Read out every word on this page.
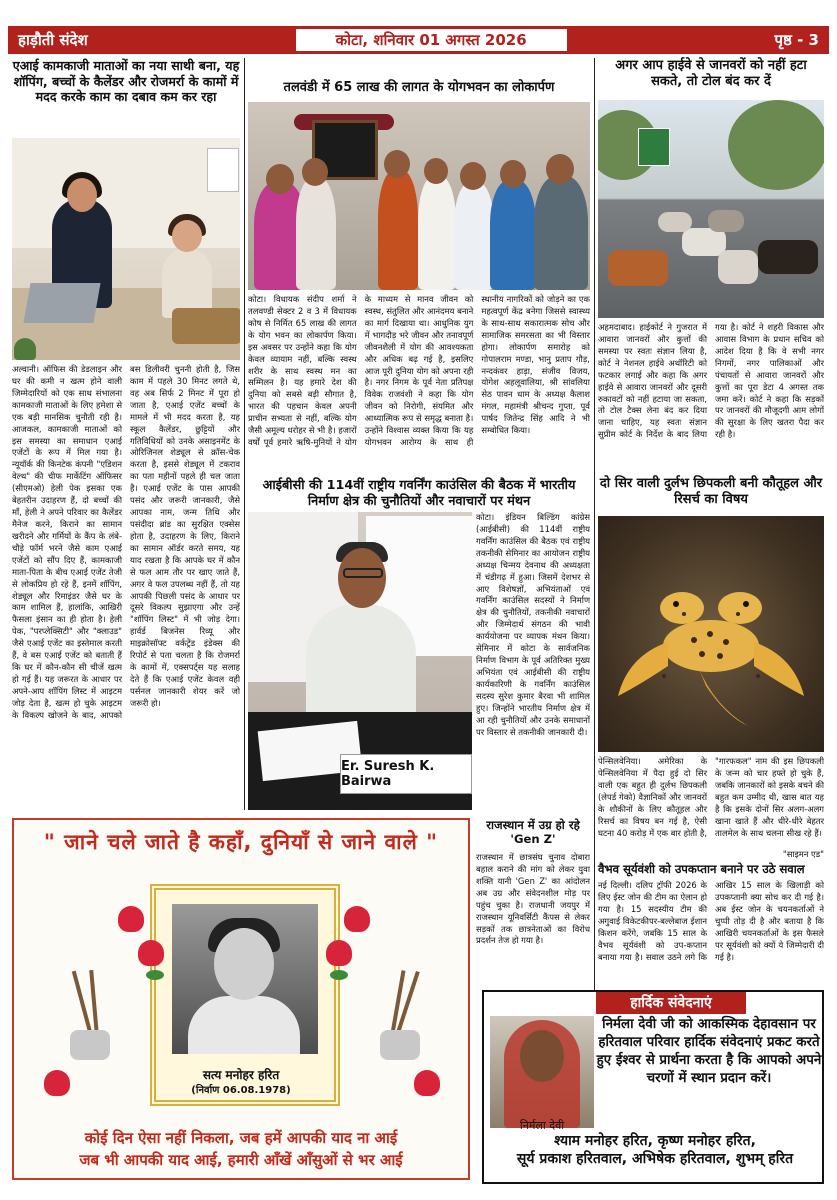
हाड़ौती संदेश	कोटा, शनिवार 01 अगस्त 2026	पृष्ठ - 3
एआई कामकाजी माताओं का नया साथी बना, यह शॉपिंग, बच्चों के कैलेंडर और रोजमर्रा के कामों में मदद करके काम का दबाव कम कर रहा
अल्वानी। ऑफिस की डेडलाइन और घर की कमी न खत्म होने वाली जिम्मेदारियों को एक साथ संभालना कामकाजी माताओं के लिए हमेशा से एक बड़ी मानसिक चुनौती रही है। आजकल, कामकाजी माताओं को इस समस्या का समाधान एआई एजेंटों के रूप में मिल गया है। न्यूयॉर्क की किनटेक कंपनी "एडिशन वेल्थ" की चीफ मार्केटिंग ऑफिसर (सीएमओ) हेली पेक इसका एक बेहतरीन उदाहरण हैं, दो बच्चों की माँ, हेली ने अपने परिवार का कैलेंडर मैनेज करने, किराने का सामान खरीदने और गर्मियों के कैंप के लंबे-चौड़े फॉर्म भरने जैसे काम एआई एजेंटों को सौंप दिए हैं, कामकाजी माता-पिता के बीच एआई एजेंट तेजी से लोकप्रिय हो रहे हैं, इनमें शॉपिंग, शेड्यूल और रिमाइंडर जैसे घर के काम शामिल हैं, हालांकि, आखिरी फैसला इंसान का ही होता है। हेली पेक, "परप्लेक्सिटी" और "क्लाउड" जैसे एआई एजेंट का इस्तेमाल करती हैं, वे बस एआई एजेंट को बताती हैं कि घर में कौन-कौन सी चीजें खत्म हो गई हैं। यह जरूरत के आधार पर अपने-आप शॉपिंग लिस्ट में आइटम जोड़ देता है, खत्म हो चुके आइटम के विकल्प खोजने के बाद, आपको बस डिलीवरी चुननी होती है, जिस काम में पहले 30 मिनट लगते थे, वह अब सिर्फ 2 मिनट में पूरा हो जाता है, एआई एजेंट बच्चों के मामले में भी मदद करता है, यह स्कूल कैलेंडर, छुट्टियों और गतिविधियों को उनके असाइनमेंट के ओरिजिनल शेड्यूल से क्रॉस-चेक करता है, इससे शेड्यूल में टकराव का पता महीनों पहले ही चल जाता है। एआई एजेंट के पास आपकी पसंद और जरूरी जानकारी, जैसे आपका नाम, जन्म तिथि और पसंदीदा ब्रांड का सुरक्षित एक्सेस होता है, उदाहरण के लिए, किराने का सामान ऑर्डर करते समय, यह याद रखता है कि आपके घर में कौन से फल आम तौर पर खाए जाते हैं, अगर वे फल उपलब्ध नहीं हैं, तो यह आपकी पिछली पसंद के आधार पर दूसरे विकल्प सुझाएगा और उन्हें "शॉपिंग लिस्ट" में भी जोड़ देगा। हार्वर्ड बिजनेस रिव्यू और माइक्रोसॉफ्ट वर्कट्रेंड इंडेक्स की रिपोर्ट से पता चलता है कि रोजमर्रा के कामों में, एक्सपर्ट्स यह सलाह देते हैं कि एआई एजेंट केवल वही पर्सनल जानकारी शेयर करें जो जरूरी हो।
तलवंडी में 65 लाख की लागत के योगभवन का लोकार्पण
कोटा। विधायक संदीप शर्मा ने तलवण्डी सेक्टर 2 व 3 में विधायक कोष से निर्मित 65 लाख की लागत के योग भवन का लोकार्पण किया। इस अवसर पर उन्होंने कहा कि योग केवल व्यायाम नहीं, बल्कि स्वस्थ शरीर के साथ स्वस्थ मन का सम्मिलन है। यह हमारे देश की दुनिया को सबसे बड़ी सौगात है, भारत की पहचान केवल अपनी प्राचीन सभ्यता से नहीं, बल्कि योग जैसी अमूल्य धरोहर से भी है। हजारों वर्षों पूर्व हमारे ऋषि-मुनियों ने योग के माध्यम से मानव जीवन को स्वस्थ, संतुलित और आनंदमय बनाने का मार्ग दिखाया था। आधुनिक युग में भागदौड़ भरे जीवन और तनावपूर्ण जीवनशैली में योग की आवश्यकता और अधिक बढ़ गई है, इसलिए आज पूरी दुनिया योग को अपना रही है। नगर निगम के पूर्व नेता प्रतिपक्ष विवेक राजवंशी ने कहा कि योग जीवन को निरोगी, संयमित और आध्यात्मिक रूप से समृद्ध बनाता है। उन्होंने विश्वास व्यक्त किया कि यह योगभवन आरोग्य के साथ ही स्थानीय नागरिकों को जोड़ने का एक महत्वपूर्ण केंद्र बनेगा जिससे स्वास्थ्य के साथ-साथ सकारात्मक सोच और सामाजिक समरसता का भी विस्तार होगा। लोकार्पण समारोह को गोपालराम मण्डा, भानु प्रताप गौड़, नन्दकंवर हाड़ा, संजीव विजय, योगेश अहलूवालिया, श्री सांवलिया सेठ पावन धाम के अध्यक्ष कैलाश मंगल, महामंत्री श्रीचन्द गुप्ता, पूर्व पार्षद जितेन्द्र सिंह आदि ने भी सम्बोधित किया।
अगर आप हाईवे से जानवरों को नहीं हटा सकते, तो टोल बंद कर दें
अहमदाबाद। हाईकोर्ट ने गुजरात में आवारा जानवरों और कुत्तों की समस्या पर स्वतः संज्ञान लिया है, कोर्ट ने नेशनल हाईवे अथॉरिटी को फटकार लगाई और कहा कि अगर हाईवे से आवारा जानवरों और दूसरी रुकावटों को नहीं हटाया जा सकता, तो टोल टैक्स लेना बंद कर दिया जाना चाहिए, यह स्वतः संज्ञान सुप्रीम कोर्ट के निर्देश के बाद लिया गया है। कोर्ट ने शहरी विकास और आवास विभाग के प्रधान सचिव को आदेश दिया है कि वे सभी नगर निगमों, नगर पालिकाओं और पंचायतों से आवारा जानवरों और कुत्तों का पूरा डेटा 4 अगस्त तक जमा करें। कोर्ट ने कहा कि सड़कों पर जानवरों की मौजूदगी आम लोगों की सुरक्षा के लिए खतरा पैदा कर रही है।
आईबीसी की 114वीं राष्ट्रीय गवर्निंग काउंसिल की बैठक में भारतीय निर्माण क्षेत्र की चुनौतियों और नवाचारों पर मंथन
Er. Suresh K. Bairwa
कोटा। इंडियन बिल्डिंग कांग्रेस (आईबीसी) की 114वीं राष्ट्रीय गवर्निंग काउंसिल की बैठक एवं राष्ट्रीय तकनीकी सेमिनार का आयोजन राष्ट्रीय अध्यक्ष चिन्मय देवनाथ की अध्यक्षता में चंडीगढ़ में हुआ। जिसमें देशभर से आए विशेषज्ञों, अभियंताओं एवं गवर्निंग काउंसिल सदस्यों ने निर्माण क्षेत्र की चुनौतियों, तकनीकी नवाचारों और जिम्मेदार्थ संगठन की भावी कार्ययोजना पर व्यापक मंथन किया। सेमिनार में कोटा के सार्वजनिक निर्माण विभाग के पूर्व अतिरिक्त मुख्य अभियंता एवं आईबीसी की राष्ट्रीय कार्यकारिणी के गवर्निंग काउंसिल सदस्य सुरेश कुमार बैरवा भी शामिल हुए। जिन्होंने भारतीय निर्माण क्षेत्र में आ रही चुनौतियों और उनके समाधानों पर विस्तार से तकनीकी जानकारी दी।
दो सिर वाली दुर्लभ छिपकली बनी कौतूहल और रिसर्च का विषय
पेन्सिलवेनिया। अमेरिका के पेन्सिलवेनिया में पैदा हुई दो सिर वाली एक बहुत ही दुर्लभ छिपकली (लेपर्ड गेको) वैज्ञानिकों और जानवरों के शौकीनों के लिए कौतूहल और रिसर्च का विषय बन गई है, ऐसी घटना 40 करोड़ में एक बार होती है, "गारफकल" नाम की इस छिपकली के जन्म को चार हफ्ते हो चुके हैं, जबकि जानकारों को इसके बचने की बहुत कम उम्मीद थी, खास बात यह है कि इसके दोनों सिर अलग-अलग खाना खाते हैं और धीरे-धीरे बेहतर तालमेल के साथ चलना सीख रहे हैं।
"साइमन एड"
राजस्थान में उग्र हो रहे 'Gen Z'
राजस्थान में छात्रसंघ चुनाव दोबारा बहाल कराने की मांग को लेकर युवा शक्ति यानी 'Gen Z' का आंदोलन अब उग्र और संवेदनशील मोड़ पर पहुंच चुका है। राजधानी जयपुर में राजस्थान यूनिवर्सिटी कैंपस से लेकर सड़कों तक छात्रनेताओं का विरोध प्रदर्शन तेज हो गया है।
वैभव सूर्यवंशी को उपकप्तान बनाने पर उठे सवाल
नई दिल्ली। दलिप ट्रॉफी 2026 के लिए ईस्ट जोन की टीम का ऐलान हो गया है। 15 सदस्यीय टीम की अगुवाई विकेटकीपर-बल्लेबाज ईशान किशन करेंगे, जबकि 15 साल के वैभव सूर्यवंशी को उप-कप्तान बनाया गया है। सवाल उठने लगे कि आखिर 15 साल के खिलाड़ी को उपकप्तानी क्या सोच कर दी गई है। अब ईस्ट जोन के चयनकर्ताओं ने चुप्पी तोड़ दी है और बताया है कि आखिरी चयनकर्ताओं के इस फैसले पर सूर्यवंशी को क्यों ये जिम्मेदारी दी गई है।
" जाने चले जाते है कहाँ, दुनियाँ से जाने वाले "
सत्य मनोहर हरित
(निर्वाण 06.08.1978)
कोई दिन ऐसा नहीं निकला, जब हमें आपकी याद ना आई
जब भी आपकी याद आई, हमारी आँखें आँसुओं से भर आई
हार्दिक संवेदनाएं
निर्मला देवी
निर्मला देवी जी को आकस्मिक देहावसान पर हरितवाल परिवार हार्दिक संवेदनाएं प्रकट करते हुए ईश्वर से प्रार्थना करता है कि आपको अपने चरणों में स्थान प्रदान करें।
श्याम मनोहर हरित, कृष्ण मनोहर हरित,
सूर्य प्रकाश हरितवाल, अभिषेक हरितवाल, शुभम् हरित
